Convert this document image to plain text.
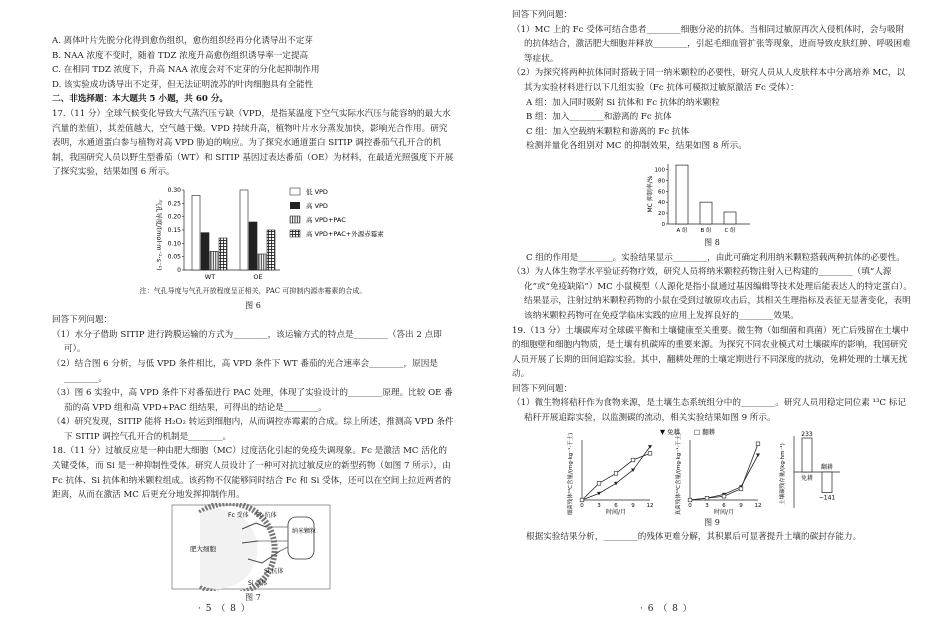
A. 离体叶片先脱分化得到愈伤组织，愈伤组织经再分化诱导出不定芽
B. NAA 浓度不变时，随着 TDZ 浓度升高愈伤组织诱导率一定提高
C. 在相同 TDZ 浓度下，升高 NAA 浓度会对不定芽的分化起抑制作用
D. 该实验成功诱导出不定芽，但无法证明流苏的叶肉细胞具有全能性
二、非选择题：本大题共 5 小题，共 60 分。
17.（11 分）全球气候变化导致大气蒸汽压亏缺（VPD，是指某温度下空气实际水汽压与能容纳的最大水汽量的差值），其差值越大，空气越干燥。VPD 持续升高，植物叶片水分蒸发加快，影响光合作用。研究表明，水通道蛋白参与植物对高 VPD 胁迫的响应。为了探究水通道蛋白 SITIP 调控番茄气孔开合的机制，我国研究人员以野生型番茄（WT）和 SITIP 基因过表达番茄（OE）为材料，在最适光照强度下开展了探究实验，结果如图 6 所示。
气孔导度/(mol·m⁻²·s⁻¹) 0
0.05
0.10
0.15
0.20
0.25
0.30
WT	OE
低 VPD
高 VPD
高 VPD+PAC
高 VPD+PAC+外源赤霉素
注：气孔导度与气孔开放程度呈正相关，PAC 可抑制内源赤霉素的合成。
图 6
回答下列问题：
（1）水分子借助 SITIP 进行跨膜运输的方式为________，该运输方式的特点是________（答出 2 点即可）。
（2）结合图 6 分析，与低 VPD 条件相比，高 VPD 条件下 WT 番茄的光合速率会________，原因是________。
（3）图 6 实验中，高 VPD 条件下对番茄进行 PAC 处理，体现了实验设计的________原理。比较 OE 番茄的高 VPD 组和高 VPD+PAC 组结果，可得出的结论是________。
（4）研究发现，SITIP 能将 H₂O₂ 转运到细胞内，从而调控赤霉素的合成。综上所述，推测高 VPD 条件下 SITIP 调控气孔开合的机制是________。
18.（11 分）过敏反应是一种由肥大细胞（MC）过度活化引起的免疫失调现象。Fc 是激活 MC 活化的关键受体，而 Si 是一种抑制性受体。研究人员设计了一种可对抗过敏反应的新型药物（如图 7 所示），由 Fc 抗体、Si 抗体和纳米颗粒组成。该药物不仅能够同时结合 Fc 和 Si 受体，还可以在空间上拉近两者的距离，从而在激活 MC 后更充分地发挥抑制作用。
肥大细胞
纳米颗粒
Fc 受体 Fc 抗体
Si 抗体
Si 受体
图 7
· 5 （ 8 ）
回答下列问题：
（1）MC 上的 Fc 受体可结合患者________细胞分泌的抗体。当相同过敏原再次入侵机体时，会与吸附的抗体结合，激活肥大细胞并释放________，引起毛细血管扩张等现象，进而导致皮肤红肿、呼吸困难等症状。
（2）为探究将两种抗体同时搭载于同一纳米颗粒的必要性，研究人员从人皮肤样本中分离培养 MC，以其为实验材料进行以下几组实验（Fc 抗体可模拟过敏原激活 Fc 受体）：
A 组：加入同时吸附 Si 抗体和 Fc 抗体的纳米颗粒
B 组：加入________和游离的 Fc 抗体
C 组：加入空载纳米颗粒和游离的 Fc 抗体
检测并量化各组别对 MC 的抑制效果，结果如图 8 所示。
MC 抑制率/%
0
20
40
60
80
100
A 组 B 组 C 组
图 8
C 组的作用是________。实验结果显示________，由此可确定利用纳米颗粒搭载两种抗体的必要性。
（3）为人体生物学水平验证药物疗效，研究人员将纳米颗粒药物注射入已构建的________（填“人源化”或“免疫缺陷”）MC 小鼠模型（人源化是指小鼠通过基因编辑等技术处理后能表达人的特定蛋白）。结果显示，注射过纳米颗粒药物的小鼠在受到过敏原攻击后，其相关生理指标及表征无显著变化，表明该纳米颗粒药物可在免疫学临床实践的应用上发挥良好的________效果。
19.（13 分）土壤碳库对全球碳平衡和土壤健康至关重要。微生物（如细菌和真菌）死亡后残留在土壤中的细胞壁和细胞内物质，是土壤有机碳库的重要来源。为探究不同农业模式对土壤碳库的影响，我国研究人员开展了长期的田间追踪实验。其中，翻耕处理的土壤定期进行不同深度的扰动，免耕处理的土壤无扰动。
回答下列问题：
（1）微生物将秸秆作为食物来源，是土壤生态系统组分中的________。研究人员用稳定同位素 ¹³C 标记秸秆开展追踪实验，以监测碳的流动，相关实验结果如图 9 所示。
▼ 免耕 □ 翻耕
细菌残体¹³C含量/(mg·kg⁻¹·干土)	真菌残体¹³C含量/(mg·kg⁻¹·干土)	土壤碳残存量/(kg·hm⁻²)
0 3 6 9 12	0 3 6 9 12
233
免耕
−141
翻耕
时间/月	时间/月
图 9
根据实验结果分析，________的残体更难分解，其积累后可显著提升土壤的碳封存能力。
· 6 （ 8 ）
